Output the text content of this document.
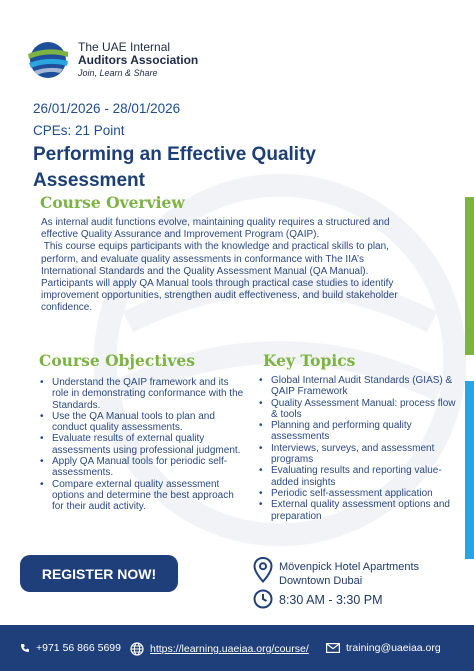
The UAE Internal
Auditors Association
Join, Learn & Share
26/01/2026 - 28/01/2026
CPEs: 21 Point
Performing an Effective Quality Assessment
Course Overview
As internal audit functions evolve, maintaining quality requires a structured and effective Quality Assurance and Improvement Program (QAIP).
This course equips participants with the knowledge and practical skills to plan, perform, and evaluate quality assessments in conformance with The IIA’s International Standards and the Quality Assessment Manual (QA Manual). Participants will apply QA Manual tools through practical case studies to identify improvement opportunities, strengthen audit effectiveness, and build stakeholder confidence.
Course Objectives
• Understand the QAIP framework and its role in demonstrating conformance with the Standards.
• Use the QA Manual tools to plan and conduct quality assessments.
• Evaluate results of external quality assessments using professional judgment.
• Apply QA Manual tools for periodic self-assessments.
• Compare external quality assessment options and determine the best approach for their audit activity.
Key Topics
• Global Internal Audit Standards (GIAS) & QAIP Framework
• Quality Assessment Manual: process flow & tools
• Planning and performing quality assessments
• Interviews, surveys, and assessment programs
• Evaluating results and reporting value-added insights
• Periodic self-assessment application
• External quality assessment options and preparation
REGISTER NOW!	Mövenpick Hotel Apartments
Downtown Dubai
8:30 AM - 3:30 PM
+971 56 866 5699	https://learning.uaeiaa.org/course/	training@uaeiaa.org
